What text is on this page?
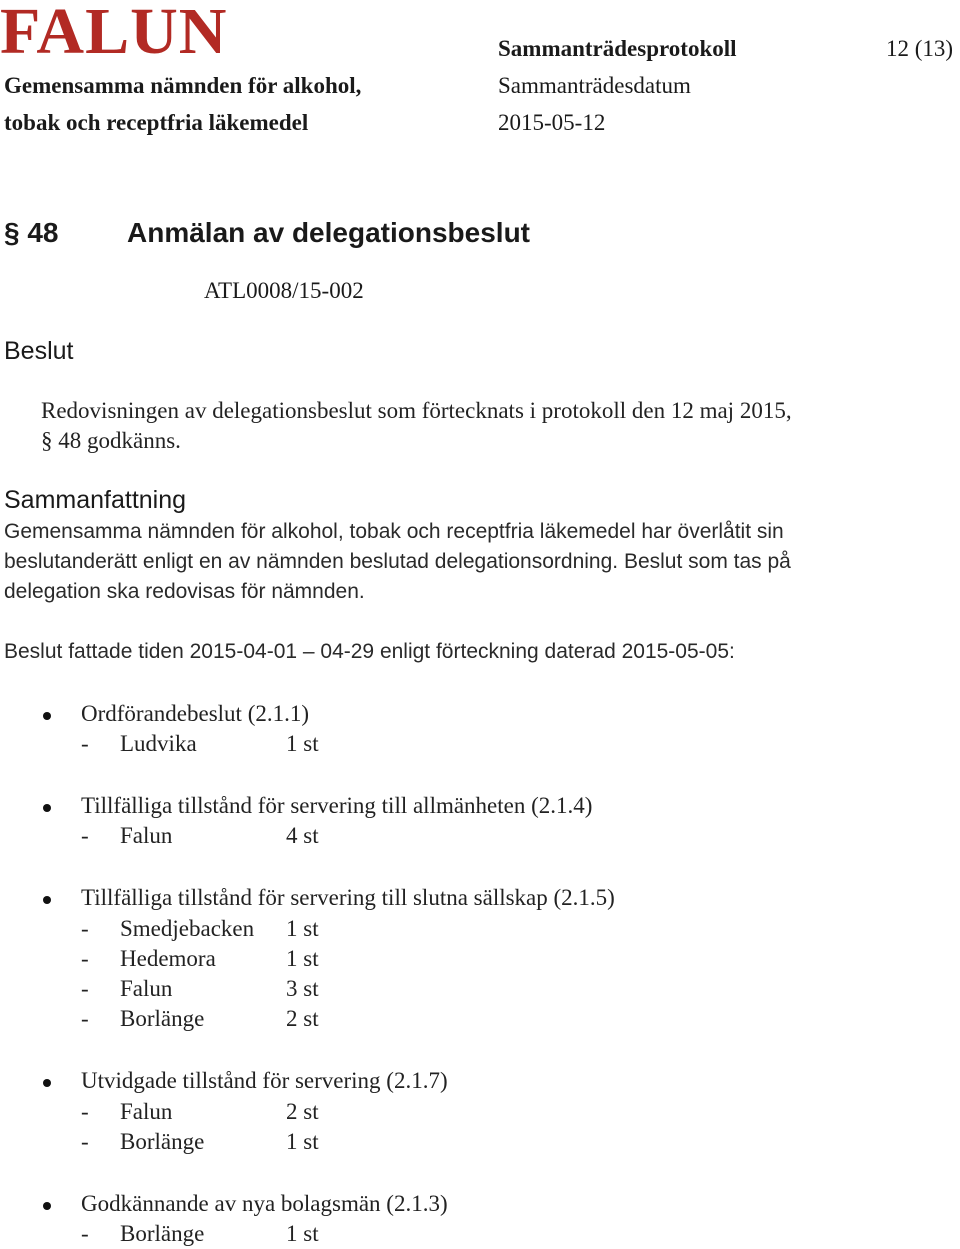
FALUN	Sammanträdesprotokoll	12 (13)
Gemensamma nämnden för alkohol,	Sammanträdesdatum
tobak och receptfria läkemedel	2015-05-12
§ 48 Anmälan av delegationsbeslut
ATL0008/15-002
Beslut
Redovisningen av delegationsbeslut som förtecknats i protokoll den 12 maj 2015,
§ 48 godkänns.
Sammanfattning
Gemensamma nämnden för alkohol, tobak och receptfria läkemedel har överlåtit sin
beslutanderätt enligt en av nämnden beslutad delegationsordning. Beslut som tas på
delegation ska redovisas för nämnden.
Beslut fattade tiden 2015-04-01 – 04-29 enligt förteckning daterad 2015-05-05:
Ordförandebeslut (2.1.1)
- Ludvika	1 st
Tillfälliga tillstånd för servering till allmänheten (2.1.4)
- Falun	4 st
Tillfälliga tillstånd för servering till slutna sällskap (2.1.5)
- Smedjebacken 1 st
- Hedemora	1 st
- Falun	3 st
- Borlänge	2 st
Utvidgade tillstånd för servering (2.1.7)
- Falun	2 st
- Borlänge	1 st
Godkännande av nya bolagsmän (2.1.3)
- Borlänge	1 st
